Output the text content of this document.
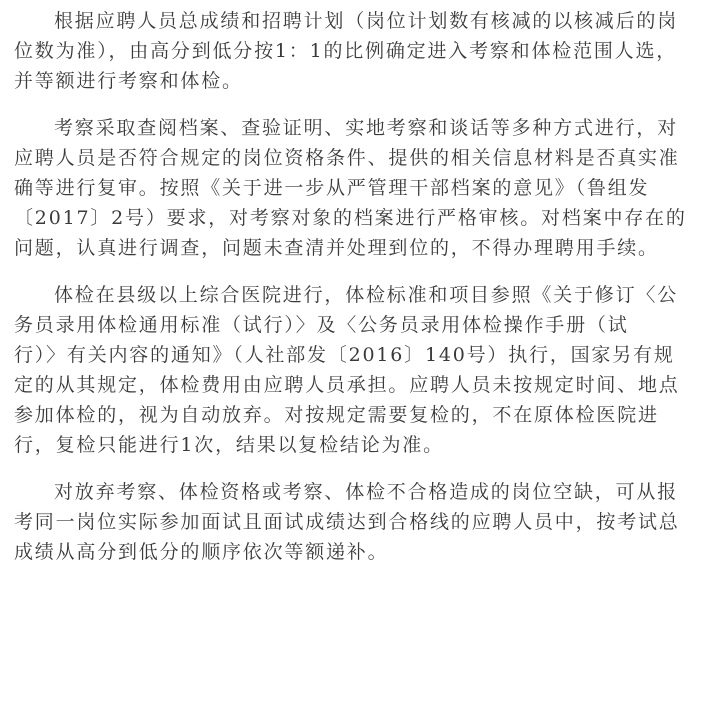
根据应聘人员总成绩和招聘计划（岗位计划数有核减的以核减后的岗
位数为准），由高分到低分按1：1的比例确定进入考察和体检范围人选，
并等额进行考察和体检。

考察采取查阅档案、查验证明、实地考察和谈话等多种方式进行，对
应聘人员是否符合规定的岗位资格条件、提供的相关信息材料是否真实准
确等进行复审。按照《关于进一步从严管理干部档案的意见》（鲁组发
〔2017〕2号）要求，对考察对象的档案进行严格审核。对档案中存在的
问题，认真进行调查，问题未查清并处理到位的，不得办理聘用手续。

体检在县级以上综合医院进行，体检标准和项目参照《关于修订〈公
务员录用体检通用标准（试行）〉及〈公务员录用体检操作手册（试
行）〉有关内容的通知》（人社部发〔2016〕140号）执行，国家另有规
定的从其规定，体检费用由应聘人员承担。应聘人员未按规定时间、地点
参加体检的，视为自动放弃。对按规定需要复检的，不在原体检医院进
行，复检只能进行1次，结果以复检结论为准。

对放弃考察、体检资格或考察、体检不合格造成的岗位空缺，可从报
考同一岗位实际参加面试且面试成绩达到合格线的应聘人员中，按考试总
成绩从高分到低分的顺序依次等额递补。
